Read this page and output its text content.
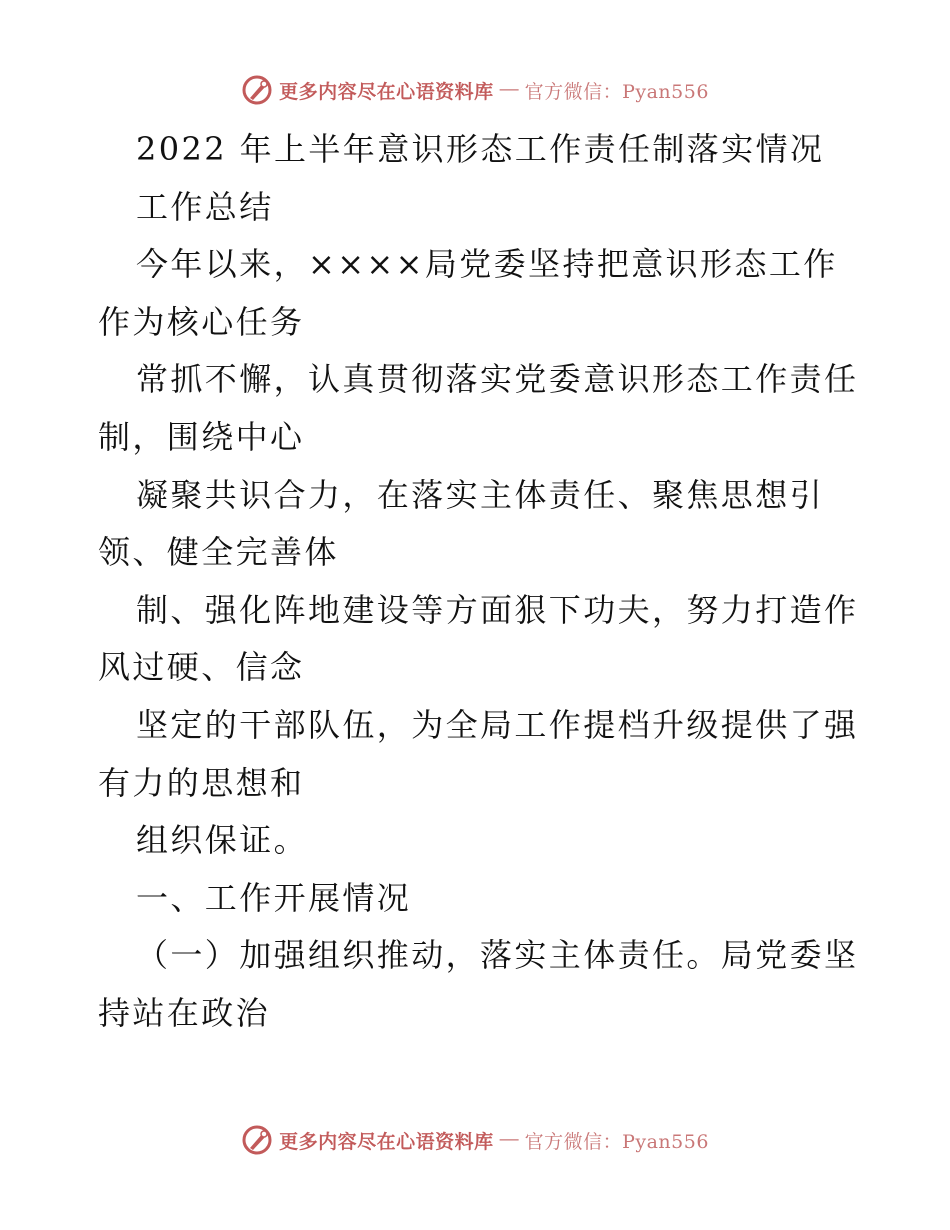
更多内容尽在心语资料库 — 官方微信：Pyan556
2022 年上半年意识形态工作责任制落实情况
工作总结
今年以来，××××局党委坚持把意识形态工作
作为核心任务
常抓不懈，认真贯彻落实党委意识形态工作责任
制，围绕中心
凝聚共识合力，在落实主体责任、聚焦思想引
领、健全完善体
制、强化阵地建设等方面狠下功夫，努力打造作
风过硬、信念
坚定的干部队伍，为全局工作提档升级提供了强
有力的思想和
组织保证。
一、工作开展情况
（一）加强组织推动，落实主体责任。局党委坚
持站在政治
更多内容尽在心语资料库 — 官方微信：Pyan556
